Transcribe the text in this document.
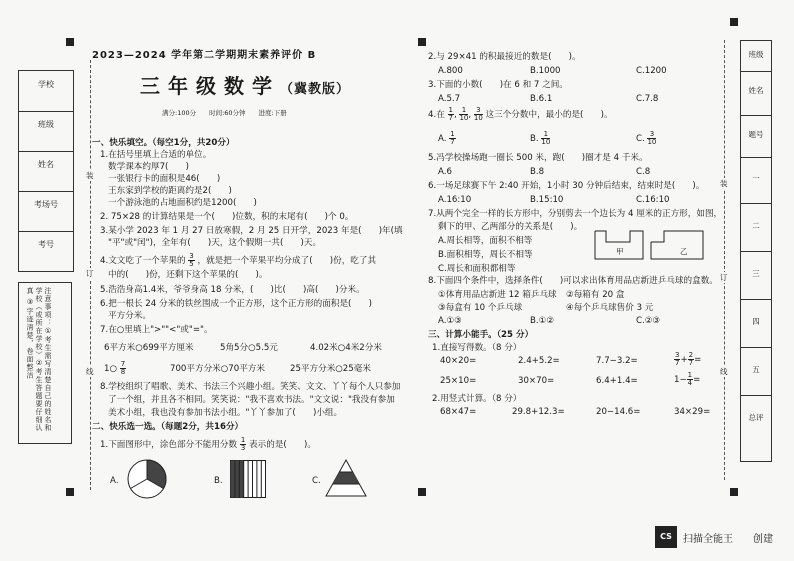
学校
班级
姓名
考场号
考号
注意事项：①考生需写清楚自己的姓名和学校（或所在学校）②考生答题要仔细认真 ③字迹清楚，卷面整洁
装
订
线
装
订
线
班级
姓名
题号
一
二
三
四
五
总评
2023—2024 学年第二学期期末素养评价 B
三年级数学（冀教版）
满分:100分　　时间:60分钟　　进度:下册
一、快乐填空。（每空1分，共20分）
1.在括号里填上合适的单位。
数学课本约厚7(　　)
一张银行卡的面积是46(　　)
王东家到学校的距离约是2(　　)
一个游泳池的占地面积约是1200(　　)
2. 75×28 的计算结果是一个(　　)位数，积的末尾有(　　)个 0。
3.某小学 2023 年 1 月 27 日放寒假，2 月 25 日开学，2023 年是(　　)年(填
"平"或"闰")，全年有(　　)天，这个假期一共(　　)天。
4.文文吃了一个苹果的 $\frac{3}{5}$ ，就是把一个苹果平均分成了(　　)份，吃了其
中的(　　)份，还剩下这个苹果的(　　)。
5.浩浩身高1.4米，爷爷身高 18 分米，(　　)比(　　)高(　　)分米。
6.把一根长 24 分米的铁丝围成一个正方形，这个正方形的面积是(　　)
平方分米。
7.在○里填上">""<"或"="。
6平方米○699平方厘米	5角5分○5.5元	4.02米○4米2分米
1○ $\frac{7}{8}$	700平方分米○70平方米	25平方分米○25毫米
8.学校组织了唱歌、美术、书法三个兴趣小组。笑笑、文文、丫丫每个人只参加
了一个组，并且各不相同。笑笑说："我不喜欢书法。"文文说："我没有参加
美术小组，我也没有参加书法小组。"丫丫参加了(　　)小组。
二、快乐选一选。（每题2分，共16分）
1.下面图形中，涂色部分不能用分数 $\frac{1}{3}$ 表示的是(　　)。
A.	B.	C.
2.与 29×41 的积最接近的数是(　　)。
A.800	B.1000	C.1200
3.下面的小数(　　)在 6 和 7 之间。
A.5.7	B.6.1	C.7.8
4.在 $\frac{1}{7}$ , $\frac{1}{10}$ , $\frac{3}{10}$ 这三个分数中，最小的是(　　)。
A. $\frac{1}{7}$	B. $\frac{1}{10}$	C. $\frac{3}{10}$
5.冯学校操场跑一圈长 500 米，跑(　　)圈才是 4 千米。
A.6	B.8	C.8
6.一场足球赛下午 2:40 开始，1小时 30 分钟后结束，结束时是(　　)。
A.16:10	B.15:10	C.16:10
7.从两个完全一样的长方形中，分别剪去一个边长为 4 厘米的正方形，如图，
剩下的甲、乙两部分的关系是(　　)。
A.周长相等，面积不相等
B.面积相等，周长不相等
C.周长和面积都相等
甲	乙
8.下面四个条件中，选择条件(　　)可以求出体育用品店新进乒乓球的盒数。
①体育用品店新进 12 箱乒乓球 ②每箱有 20 盒
③每盒有 10 个乒乓球	④每个乒乓球售价 3 元
A.①③	B.①②	C.②③
三、计算小能手。（25 分）
1.直接写得数。（8 分）
40×20=	2.4+5.2=	7.7−3.2=	$\frac{3}{7} + \frac{2}{7}$ =
25×10=	30×70=	6.4+1.4=	$1- \frac{1}{4}$ =
2.用竖式计算。（8 分）
68×47=	29.8+12.3=	20−14.6=	34×29=
CS	扫描全能王 创建
